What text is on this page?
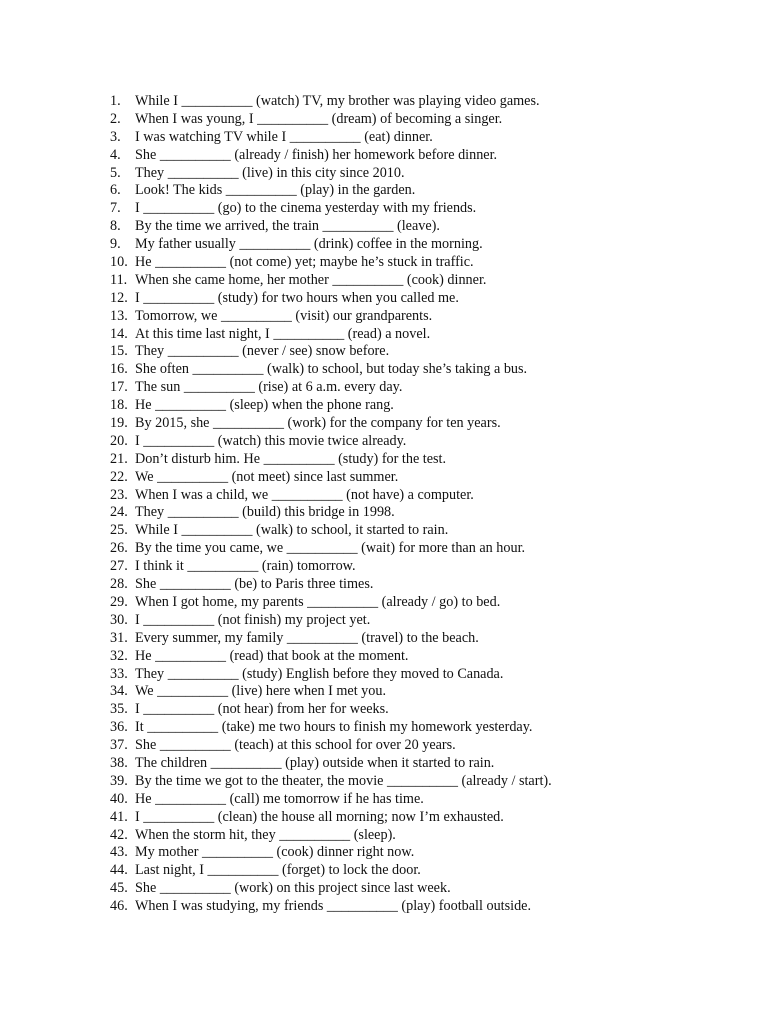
1. While I __________ (watch) TV, my brother was playing video games.
2. When I was young, I __________ (dream) of becoming a singer.
3. I was watching TV while I __________ (eat) dinner.
4. She __________ (already / finish) her homework before dinner.
5. They __________ (live) in this city since 2010.
6. Look! The kids __________ (play) in the garden.
7. I __________ (go) to the cinema yesterday with my friends.
8. By the time we arrived, the train __________ (leave).
9. My father usually __________ (drink) coffee in the morning.
10. He __________ (not come) yet; maybe he’s stuck in traffic.
11. When she came home, her mother __________ (cook) dinner.
12. I __________ (study) for two hours when you called me.
13. Tomorrow, we __________ (visit) our grandparents.
14. At this time last night, I __________ (read) a novel.
15. They __________ (never / see) snow before.
16. She often __________ (walk) to school, but today she’s taking a bus.
17. The sun __________ (rise) at 6 a.m. every day.
18. He __________ (sleep) when the phone rang.
19. By 2015, she __________ (work) for the company for ten years.
20. I __________ (watch) this movie twice already.
21. Don’t disturb him. He __________ (study) for the test.
22. We __________ (not meet) since last summer.
23. When I was a child, we __________ (not have) a computer.
24. They __________ (build) this bridge in 1998.
25. While I __________ (walk) to school, it started to rain.
26. By the time you came, we __________ (wait) for more than an hour.
27. I think it __________ (rain) tomorrow.
28. She __________ (be) to Paris three times.
29. When I got home, my parents __________ (already / go) to bed.
30. I __________ (not finish) my project yet.
31. Every summer, my family __________ (travel) to the beach.
32. He __________ (read) that book at the moment.
33. They __________ (study) English before they moved to Canada.
34. We __________ (live) here when I met you.
35. I __________ (not hear) from her for weeks.
36. It __________ (take) me two hours to finish my homework yesterday.
37. She __________ (teach) at this school for over 20 years.
38. The children __________ (play) outside when it started to rain.
39. By the time we got to the theater, the movie __________ (already / start).
40. He __________ (call) me tomorrow if he has time.
41. I __________ (clean) the house all morning; now I’m exhausted.
42. When the storm hit, they __________ (sleep).
43. My mother __________ (cook) dinner right now.
44. Last night, I __________ (forget) to lock the door.
45. She __________ (work) on this project since last week.
46. When I was studying, my friends __________ (play) football outside.
